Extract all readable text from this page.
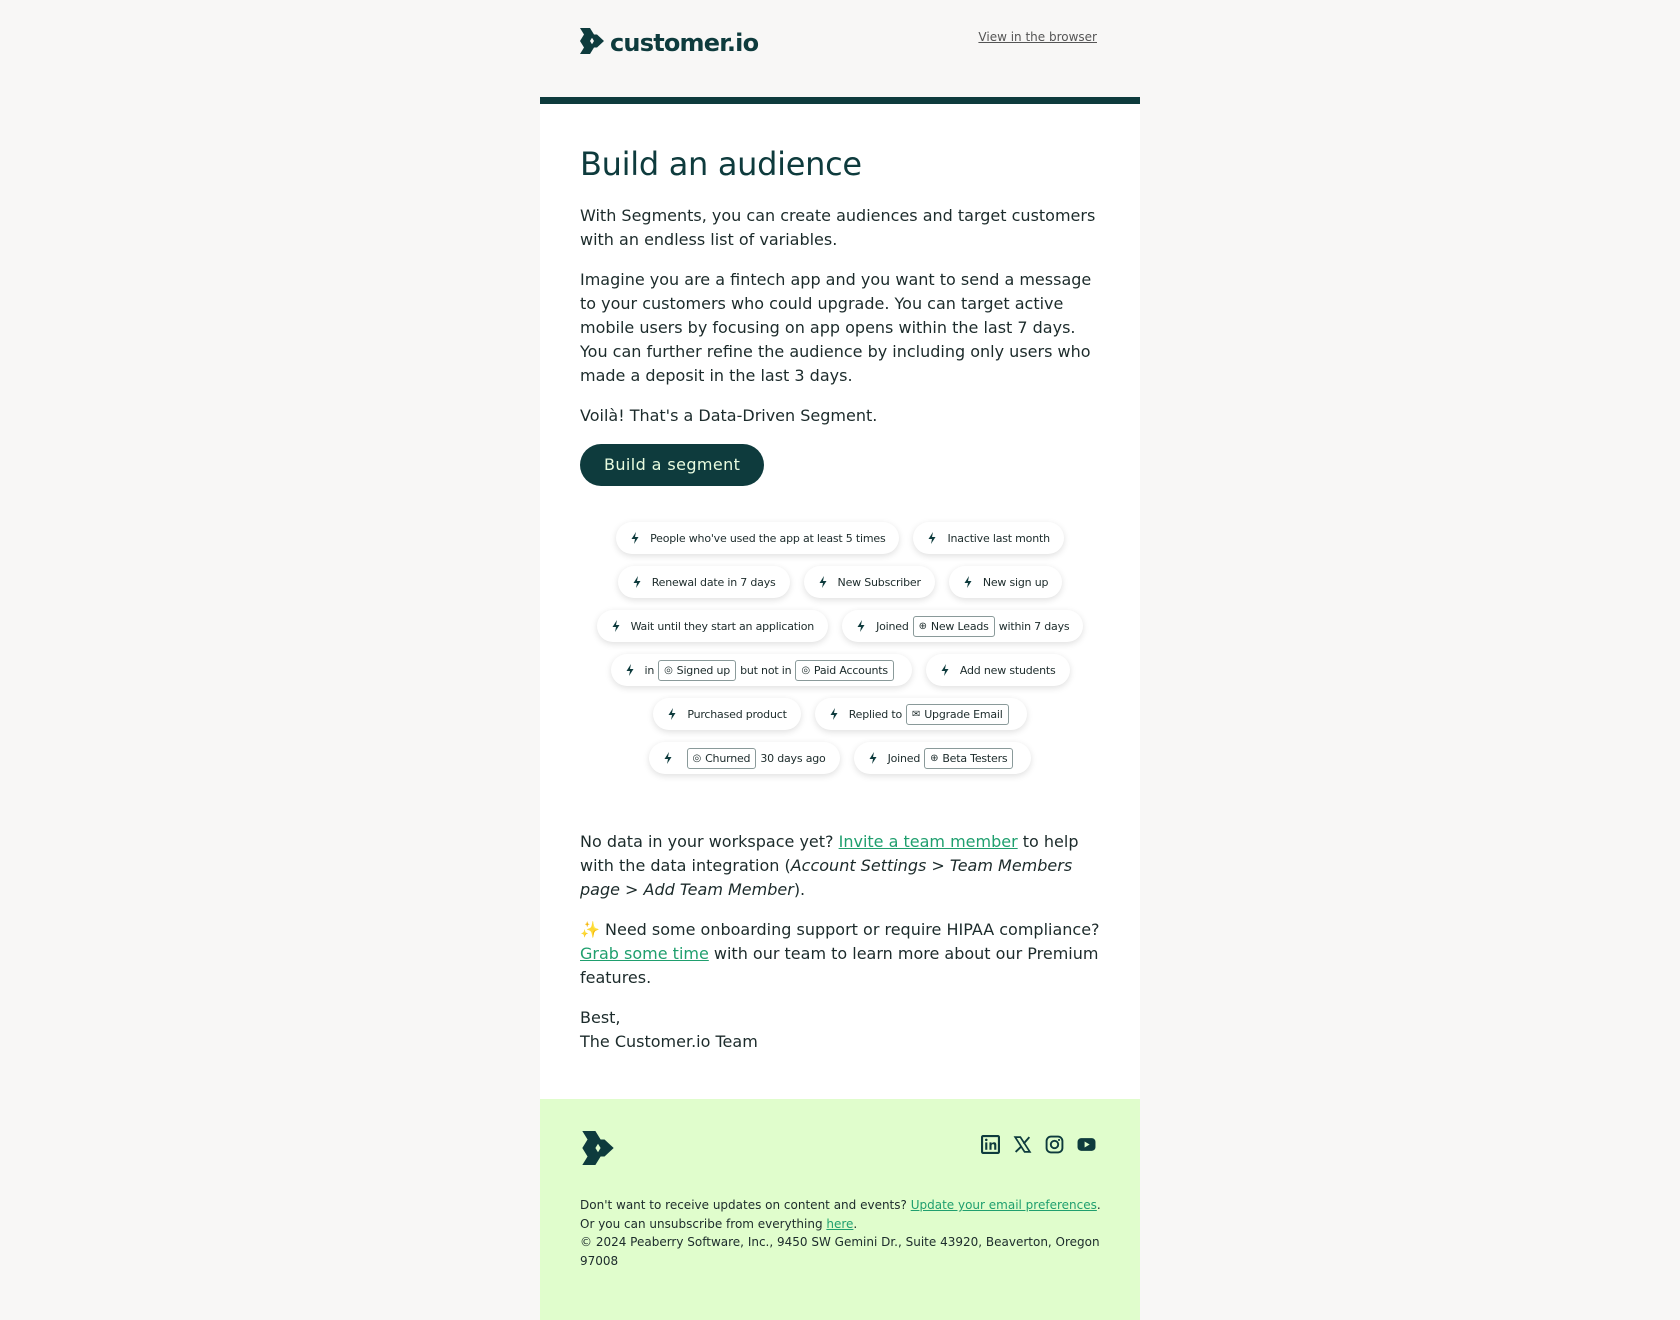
customer.io	View in the browser
Build an audience

With Segments, you can create audiences and target customers with an endless list of variables.

Imagine you are a fintech app and you want to send a message to your customers who could upgrade. You can target active mobile users by focusing on app opens within the last 7 days. You can further refine the audience by including only users who made a deposit in the last 3 days.

Voilà! That's a Data-Driven Segment.

Build a segment
People who've used the app at least 5 times	Inactive last month
Renewal date in 7 days	New Subscriber	New sign up
Wait until they start an application	Joined ⊕ New Leads within 7 days
in ◎ Signed up but not in ◎ Paid Accounts	Add new students
Purchased product	Replied to ✉ Upgrade Email
◎ Churned 30 days ago	Joined ⊕ Beta Testers

No data in your workspace yet? Invite a team member to help with the data integration (Account Settings > Team Members page > Add Team Member).

✨ Need some onboarding support or require HIPAA compliance? Grab some time with our team to learn more about our Premium features.

Best,
The Customer.io Team

Don't want to receive updates on content and events? Update your email preferences.
Or you can unsubscribe from everything here.
© 2024 Peaberry Software, Inc., 9450 SW Gemini Dr., Suite 43920, Beaverton, Oregon 97008
